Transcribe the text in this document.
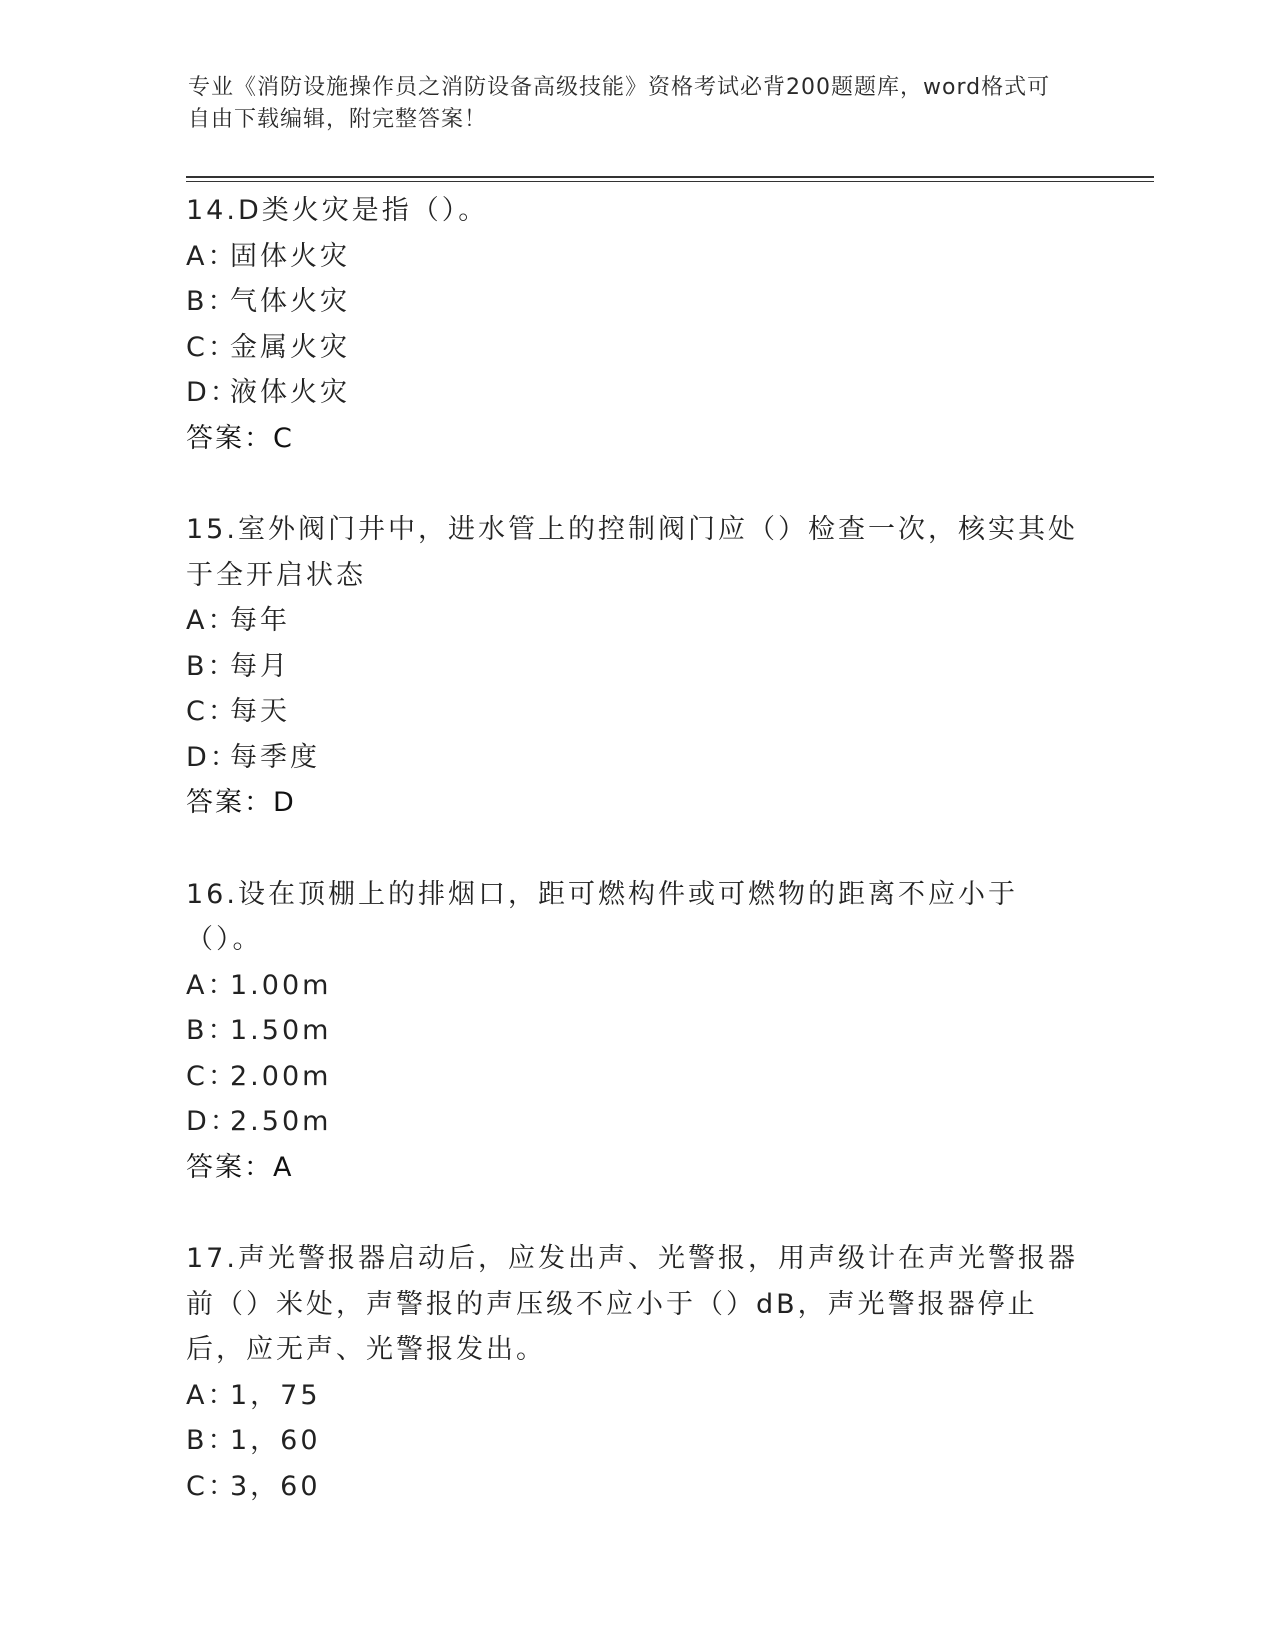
专业《消防设施操作员之消防设备高级技能》资格考试必背200题题库，word格式可自由下载编辑，附完整答案！
14.D类火灾是指（）。
A：固体火灾
B：气体火灾
C：金属火灾
D：液体火灾
答案：C
15.室外阀门井中，进水管上的控制阀门应（）检查一次，核实其处于全开启状态
A：每年
B：每月
C：每天
D：每季度
答案：D
16.设在顶棚上的排烟口，距可燃构件或可燃物的距离不应小于（）。
A：1.00m
B：1.50m
C：2.00m
D：2.50m
答案：A
17.声光警报器启动后，应发出声、光警报，用声级计在声光警报器前（）米处，声警报的声压级不应小于（）dB，声光警报器停止后，应无声、光警报发出。
A：1，75
B：1，60
C：3，60
